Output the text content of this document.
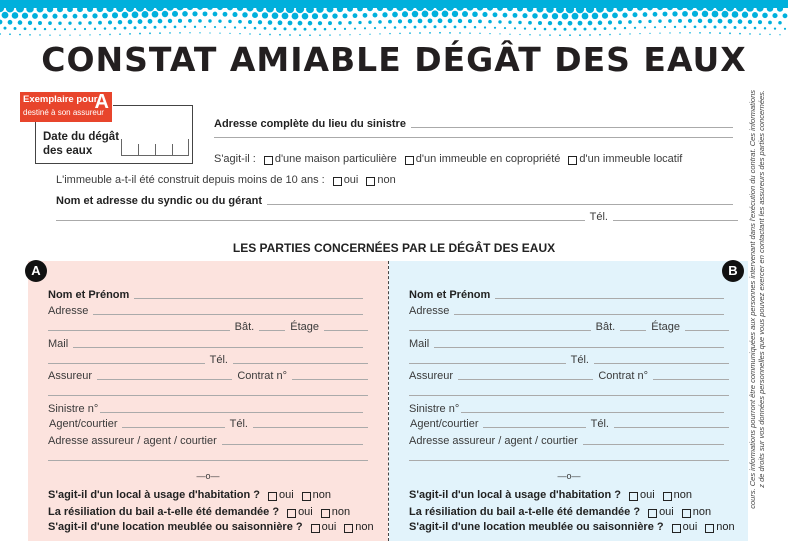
CONSTAT AMIABLE DÉGÂT DES EAUX
Exemplaire pour
A
destiné à son assureur
Date du dégât
des eaux
Adresse complète du lieu du sinistre
S'agit-il : d'une maison particulière d'un immeuble en copropriété d'un immeuble locatif
L'immeuble a-t-il été construit depuis moins de 10 ans : oui non
Nom et adresse du syndic ou du gérant
Tél.
LES PARTIES CONCERNÉES PAR LE DÉGÂT DES EAUX
A
Nom et Prénom
Adresse
Bât.	Étage
Mail
Tél.
Assureur	Contrat n°
Sinistre n°
Agent/courtier	Tél.
Adresse assureur / agent / courtier
—o—
S'agit-il d'un local à usage d'habitation ? oui non
La résiliation du bail a-t-elle été demandée ? oui non
S'agit-il d'une location meublée ou saisonnière ? oui non
cours. Ces informations pourront être communiquées aux personnes intervenant dans l'exécution du contrat. Ces informations
z de droits sur vos données personnelles que vous pouvez exercer en contactant les assureurs des parties concernées.
B
Nom et Prénom
Adresse
Bât.	Étage
Mail
Tél.
Assureur	Contrat n°
Sinistre n°
Agent/courtier	Tél.
Adresse assureur / agent / courtier
—o—
S'agit-il d'un local à usage d'habitation ? oui non
La résiliation du bail a-t-elle été demandée ? oui non
S'agit-il d'une location meublée ou saisonnière ? oui non
